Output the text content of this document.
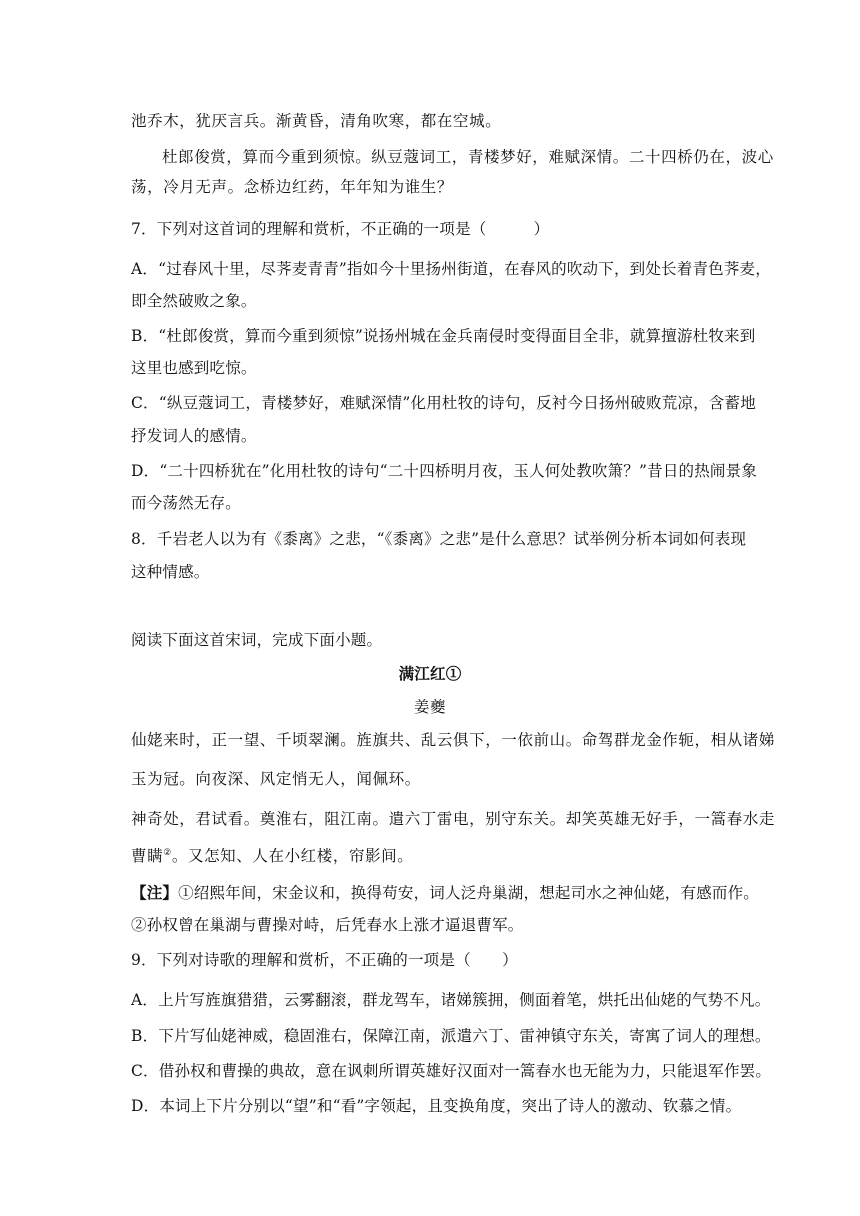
池乔木，犹厌言兵。渐黄昏，清角吹寒，都在空城。
杜郎俊赏，算而今重到须惊。纵豆蔻词工，青楼梦好，难赋深情。二十四桥仍在，波心
荡，冷月无声。念桥边红药，年年知为谁生？
7．下列对这首词的理解和赏析，不正确的一项是（　　　）
A．“过春风十里，尽荠麦青青”指如今十里扬州街道，在春风的吹动下，到处长着青色荠麦，
即全然破败之象。
B．“杜郎俊赏，算而今重到须惊”说扬州城在金兵南侵时变得面目全非，就算擅游杜牧来到
这里也感到吃惊。
C．“纵豆蔻词工，青楼梦好，难赋深情”化用杜牧的诗句，反衬今日扬州破败荒凉，含蓄地
抒发词人的感情。
D．“二十四桥犹在”化用杜牧的诗句“二十四桥明月夜，玉人何处教吹箫？”昔日的热闹景象
而今荡然无存。
8．千岩老人以为有《黍离》之悲，“《黍离》之悲”是什么意思？试举例分析本词如何表现
这种情感。
阅读下面这首宋词，完成下面小题。
满江红①
姜夔
仙姥来时，正一望、千顷翠澜。旌旗共、乱云俱下，一依前山。命驾群龙金作轭，相从诸娣
玉为冠。向夜深、风定悄无人，闻佩环。
神奇处，君试看。奠淮右，阻江南。遣六丁雷电，别守东关。却笑英雄无好手，一篙春水走
曹瞒②。又怎知、人在小红楼，帘影间。
【注】①绍熙年间，宋金议和，换得苟安，词人泛舟巢湖，想起司水之神仙姥，有感而作。
②孙权曾在巢湖与曹操对峙，后凭春水上涨才逼退曹军。
9．下列对诗歌的理解和赏析，不正确的一项是（　　）
A．上片写旌旗猎猎，云雾翻滚，群龙驾车，诸娣簇拥，侧面着笔，烘托出仙姥的气势不凡。
B．下片写仙姥神威，稳固淮右，保障江南，派遣六丁、雷神镇守东关，寄寓了词人的理想。
C．借孙权和曹操的典故，意在讽刺所谓英雄好汉面对一篙春水也无能为力，只能退军作罢。
D．本词上下片分别以“望”和“看”字领起，且变换角度，突出了诗人的激动、钦慕之情。
